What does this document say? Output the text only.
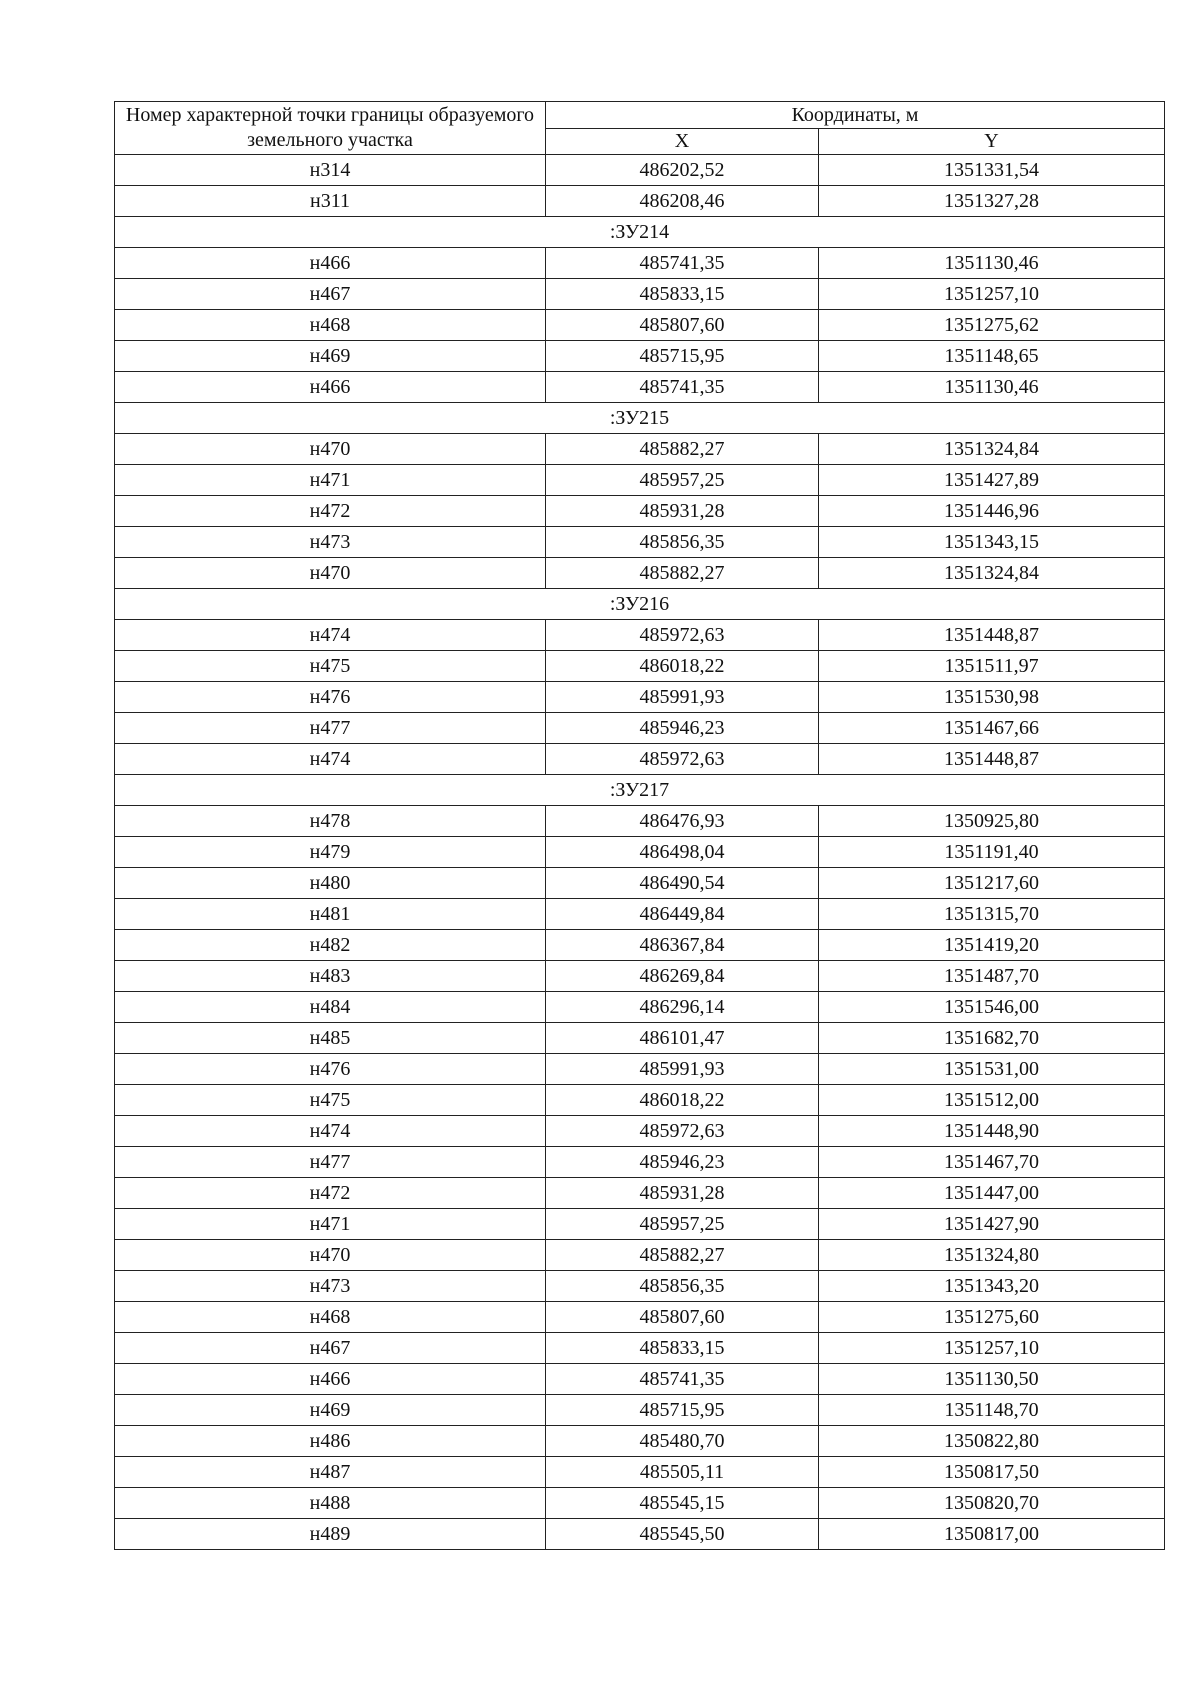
Номер характерной точки границы образуемого земельного участка	Координаты, м	
	X	Y
н314	486202,52	1351331,54
н311	486208,46	1351327,28
:ЗУ214		
н466	485741,35	1351130,46
н467	485833,15	1351257,10
н468	485807,60	1351275,62
н469	485715,95	1351148,65
н466	485741,35	1351130,46
:ЗУ215		
н470	485882,27	1351324,84
н471	485957,25	1351427,89
н472	485931,28	1351446,96
н473	485856,35	1351343,15
н470	485882,27	1351324,84
:ЗУ216		
н474	485972,63	1351448,87
н475	486018,22	1351511,97
н476	485991,93	1351530,98
н477	485946,23	1351467,66
н474	485972,63	1351448,87
:ЗУ217		
н478	486476,93	1350925,80
н479	486498,04	1351191,40
н480	486490,54	1351217,60
н481	486449,84	1351315,70
н482	486367,84	1351419,20
н483	486269,84	1351487,70
н484	486296,14	1351546,00
н485	486101,47	1351682,70
н476	485991,93	1351531,00
н475	486018,22	1351512,00
н474	485972,63	1351448,90
н477	485946,23	1351467,70
н472	485931,28	1351447,00
н471	485957,25	1351427,90
н470	485882,27	1351324,80
н473	485856,35	1351343,20
н468	485807,60	1351275,60
н467	485833,15	1351257,10
н466	485741,35	1351130,50
н469	485715,95	1351148,70
н486	485480,70	1350822,80
н487	485505,11	1350817,50
н488	485545,15	1350820,70
н489	485545,50	1350817,00
